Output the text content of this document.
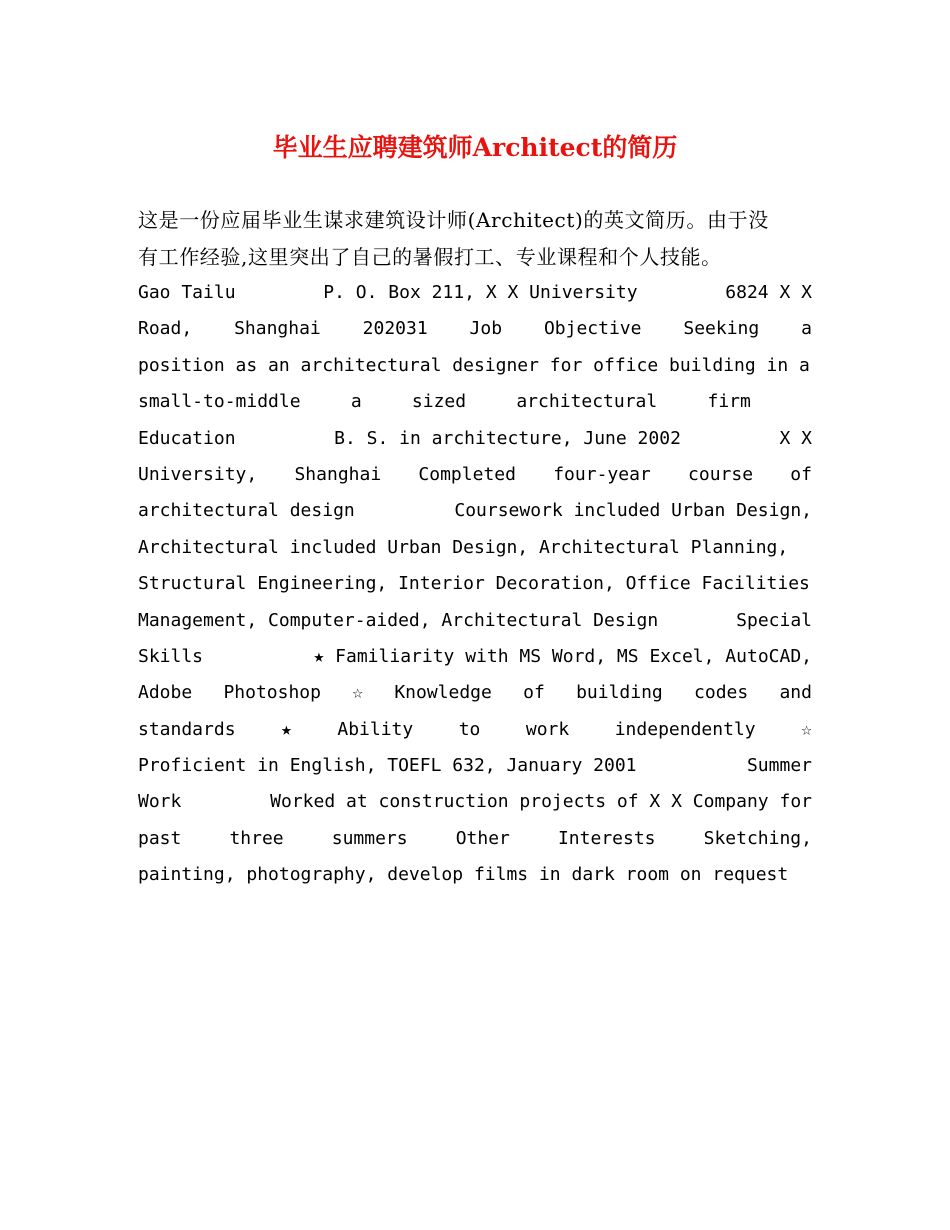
毕业生应聘建筑师Architect的简历
这是一份应届毕业生谋求建筑设计师(Architect)的英文简历。由于没
有工作经验,这里突出了自己的暑假打工、专业课程和个人技能。
Gao Tailu	P. O. Box 211, X X University	6824 X X
Road, Shanghai 202031 Job Objective Seeking a
position as an architectural designer for office building in a
small-to-middle	a	sized	architectural	firm

Education	B. S. in architecture, June 2002	X X
University, Shanghai Completed four-year course of
architectural design	Coursework included Urban Design,
Architectural included Urban Design, Architectural Planning,
Structural Engineering, Interior Decoration, Office Facilities
Management, Computer-aided, Architectural Design	Special
Skills	★ Familiarity with MS Word, MS Excel, AutoCAD,
Adobe Photoshop ☆ Knowledge of building codes and
standards	★	Ability	to	work	independently	☆
Proficient in English, TOEFL 632, January 2001	Summer
Work	Worked at construction projects of X X Company for
past	three	summers	Other	Interests	Sketching,
painting, photography, develop films in dark room on request
